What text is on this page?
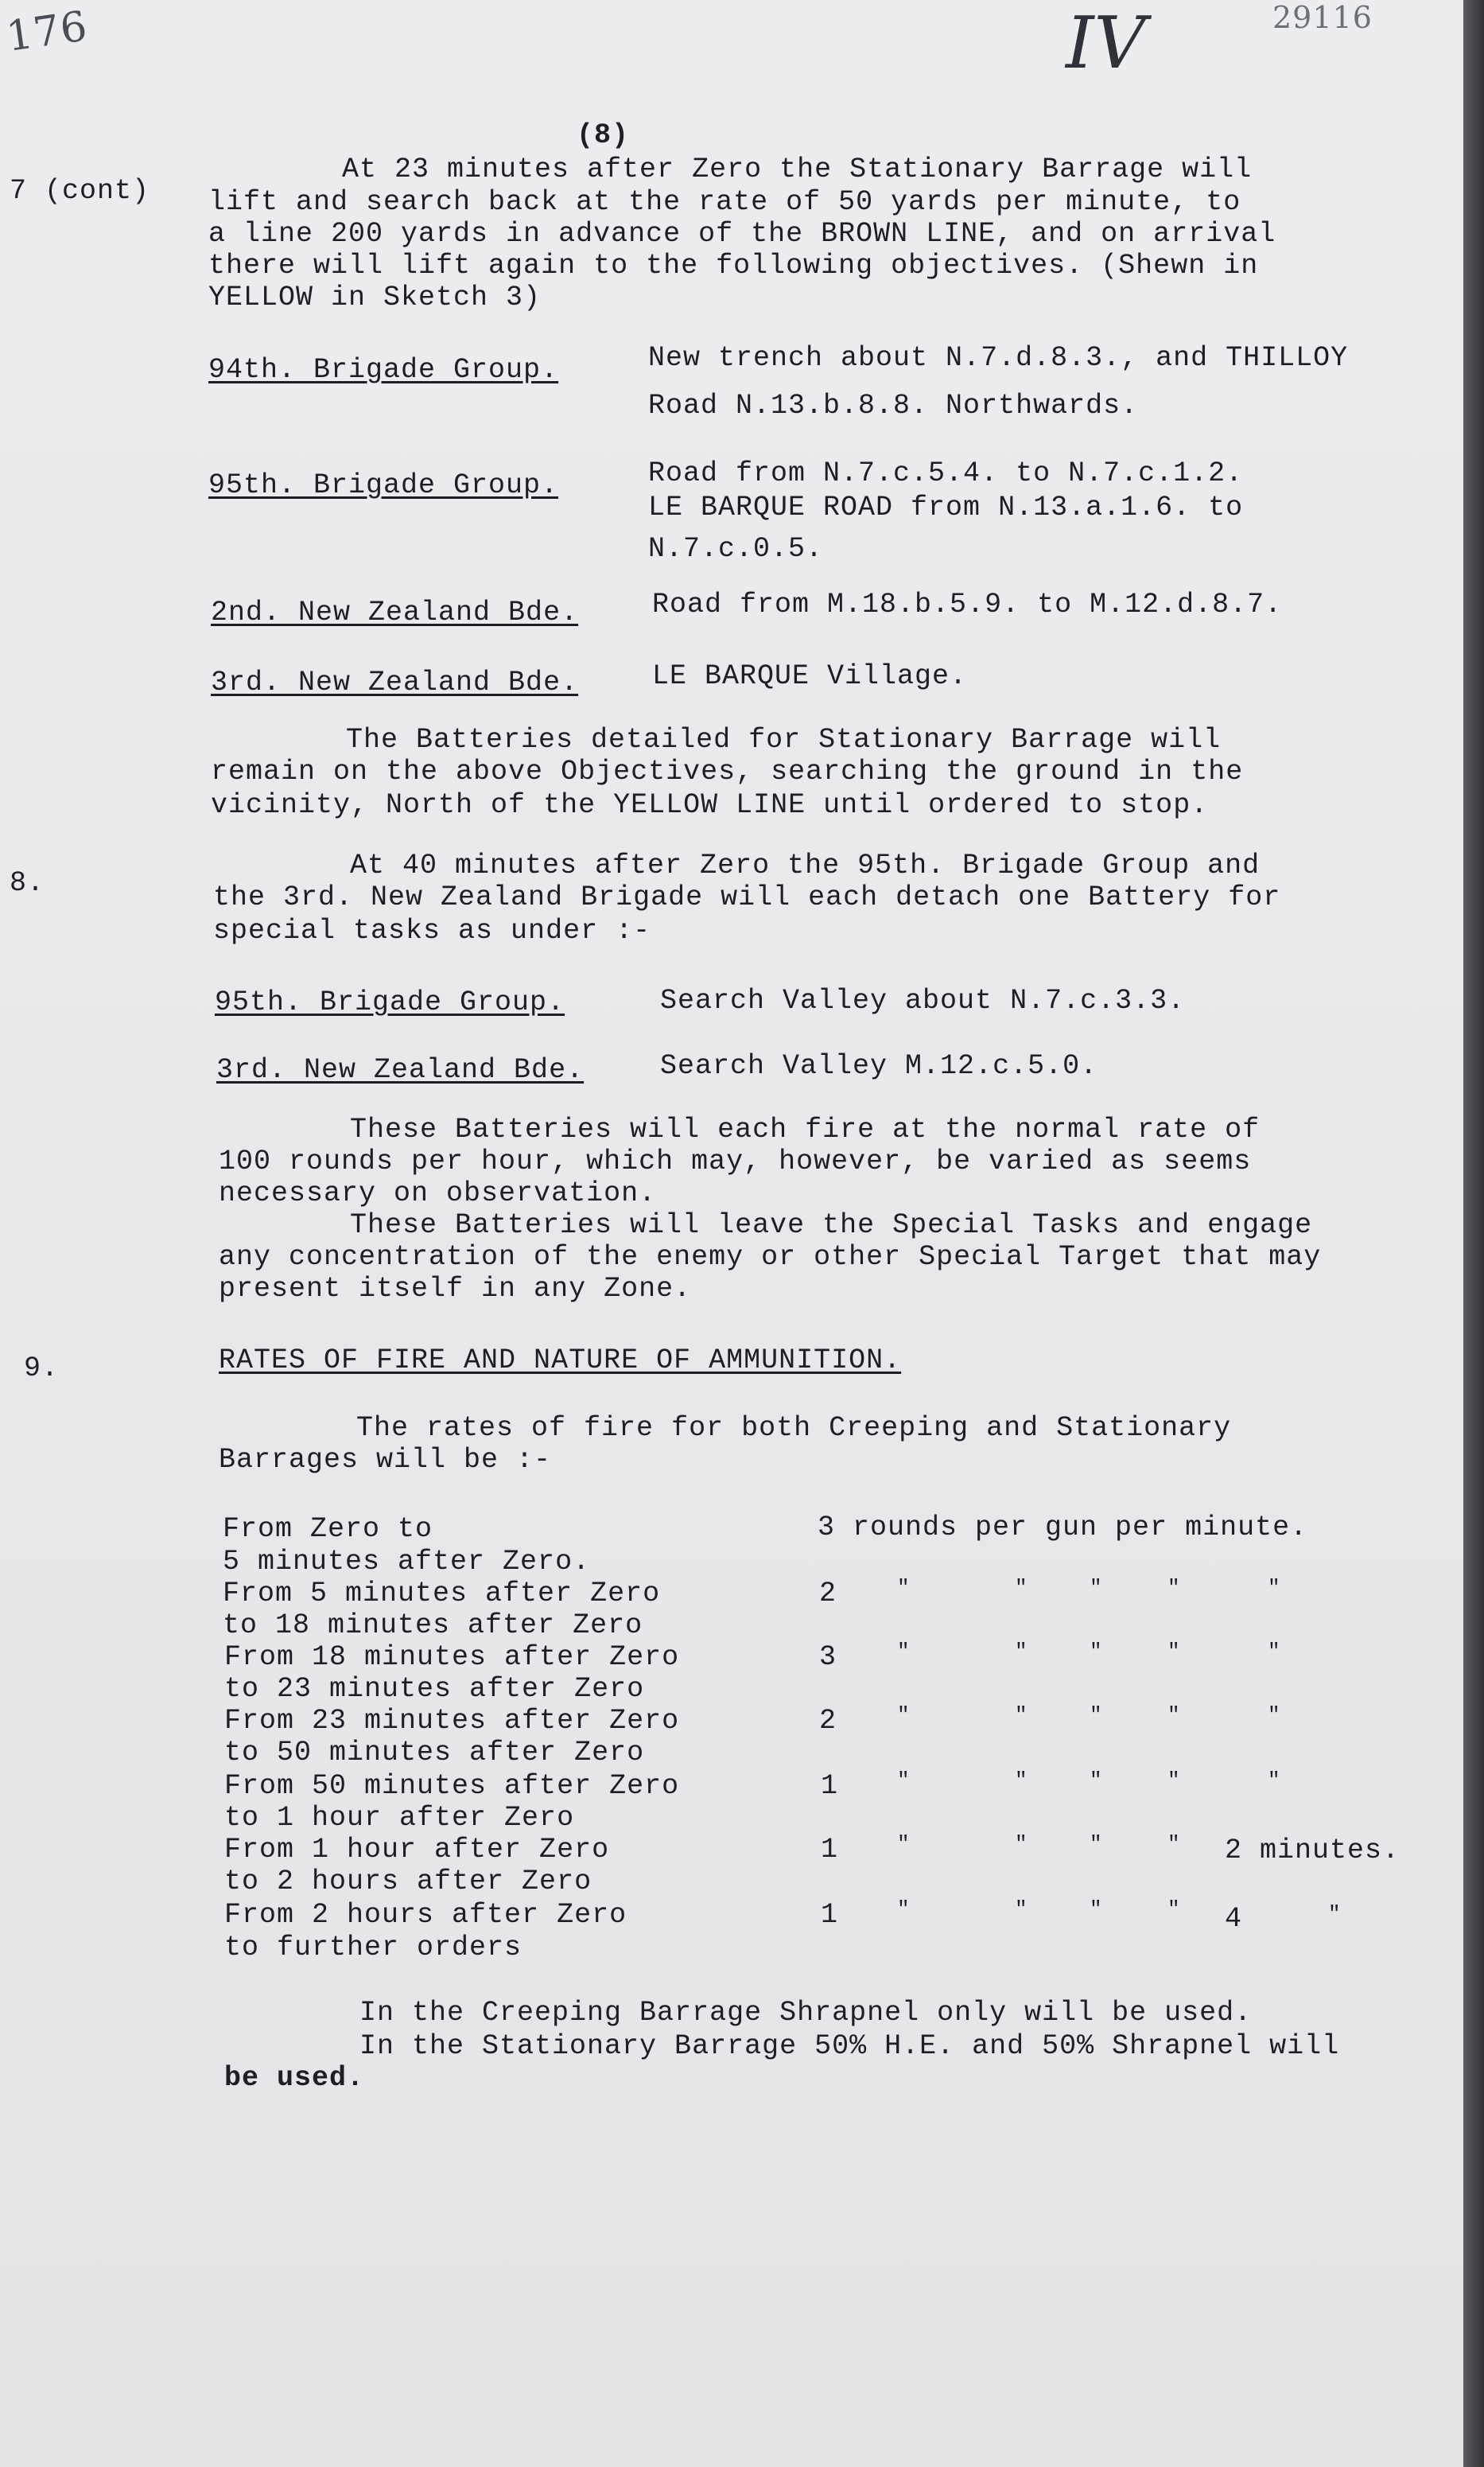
176	IV	29116
(8)
7 (cont)
At 23 minutes after Zero the Stationary Barrage will
lift and search back at the rate of 50 yards per minute, to
a line 200 yards in advance of the BROWN LINE, and on arrival
there will lift again to the following objectives. (Shewn in
YELLOW in Sketch 3)
94th. Brigade Group.	New trench about N.7.d.8.3., and THILLOY
Road N.13.b.8.8. Northwards.
95th. Brigade Group.	Road from N.7.c.5.4. to N.7.c.1.2.
LE BARQUE ROAD from N.13.a.1.6. to
N.7.c.0.5.
2nd. New Zealand Bde.	Road from M.18.b.5.9. to M.12.d.8.7.
3rd. New Zealand Bde.	LE BARQUE Village.
The Batteries detailed for Stationary Barrage will
remain on the above Objectives, searching the ground in the
vicinity, North of the YELLOW LINE until ordered to stop.
8.
At 40 minutes after Zero the 95th. Brigade Group and
the 3rd. New Zealand Brigade will each detach one Battery for
special tasks as under :-
95th. Brigade Group.	Search Valley about N.7.c.3.3.
3rd. New Zealand Bde.	Search Valley M.12.c.5.0.
These Batteries will each fire at the normal rate of
100 rounds per hour, which may, however, be varied as seems
necessary on observation.
These Batteries will leave the Special Tasks and engage
any concentration of the enemy or other Special Target that may
present itself in any Zone.
9.	RATES OF FIRE AND NATURE OF AMMUNITION.
The rates of fire for both Creeping and Stationary
Barrages will be :-
From Zero to
5 minutes after Zero.
3 rounds per gun per minute.
From 5 minutes after Zero
to 18 minutes after Zero
2	"	"	"	"	"
From 18 minutes after Zero
to 23 minutes after Zero
3	"	"	"	"	"
From 23 minutes after Zero
to 50 minutes after Zero
2	"	"	"	"	"
From 50 minutes after Zero
to 1 hour after Zero
1	"	"	"	"	"
From 1 hour after Zero
to 2 hours after Zero
1	"	"	"	" 2 minutes.
From 2 hours after Zero
to further orders
1	"	"	"	" 4	"
In the Creeping Barrage Shrapnel only will be used.
In the Stationary Barrage 50% H.E. and 50% Shrapnel will
be used.
